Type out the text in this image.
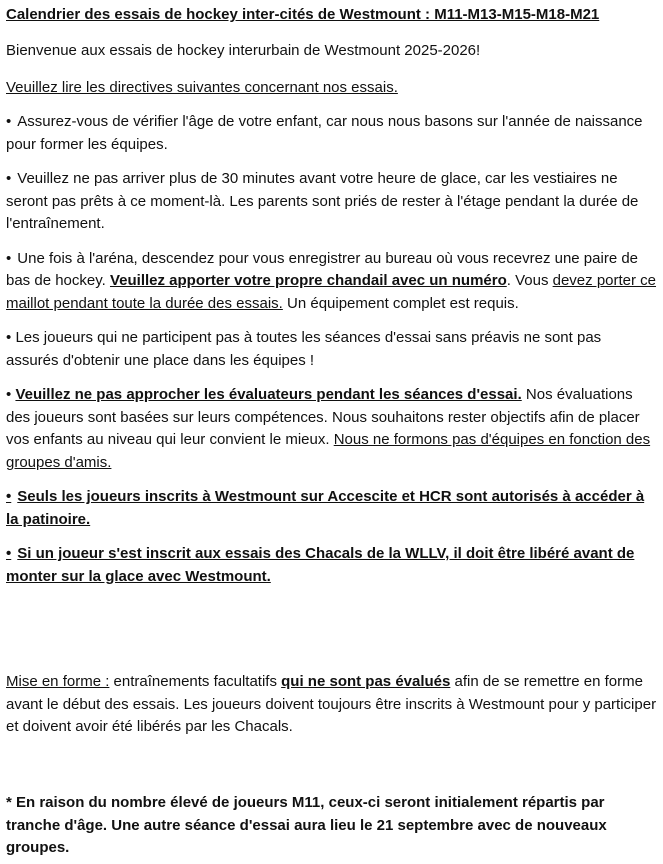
Calendrier des essais de hockey inter-cités de Westmount : M11-M13-M15-M18-M21

Bienvenue aux essais de hockey interurbain de Westmount 2025-2026!
Veuillez lire les directives suivantes concernant nos essais.
• Assurez-vous de vérifier l'âge de votre enfant, car nous nous basons sur l'année de naissance pour former les équipes.
• Veuillez ne pas arriver plus de 30 minutes avant votre heure de glace, car les vestiaires ne seront pas prêts à ce moment-là. Les parents sont priés de rester à l'étage pendant la durée de l'entraînement.
• Une fois à l'aréna, descendez pour vous enregistrer au bureau où vous recevrez une paire de bas de hockey. Veuillez apporter votre propre chandail avec un numéro. Vous devez porter ce maillot pendant toute la durée des essais. Un équipement complet est requis.
• Les joueurs qui ne participent pas à toutes les séances d'essai sans préavis ne sont pas assurés d'obtenir une place dans les équipes !
• Veuillez ne pas approcher les évaluateurs pendant les séances d'essai. Nos évaluations des joueurs sont basées sur leurs compétences. Nous souhaitons rester objectifs afin de placer vos enfants au niveau qui leur convient le mieux. Nous ne formons pas d'équipes en fonction des groupes d'amis.
• Seuls les joueurs inscrits à Westmount sur Accescite et HCR sont autorisés à accéder à la patinoire.
• Si un joueur s'est inscrit aux essais des Chacals de la WLLV, il doit être libéré avant de monter sur la glace avec Westmount.
Mise en forme : entraînements facultatifs qui ne sont pas évalués afin de se remettre en forme avant le début des essais. Les joueurs doivent toujours être inscrits à Westmount pour y participer et doivent avoir été libérés par les Chacals.
* En raison du nombre élevé de joueurs M11, ceux-ci seront initialement répartis par tranche d'âge. Une autre séance d'essai aura lieu le 21 septembre avec de nouveaux groupes.
